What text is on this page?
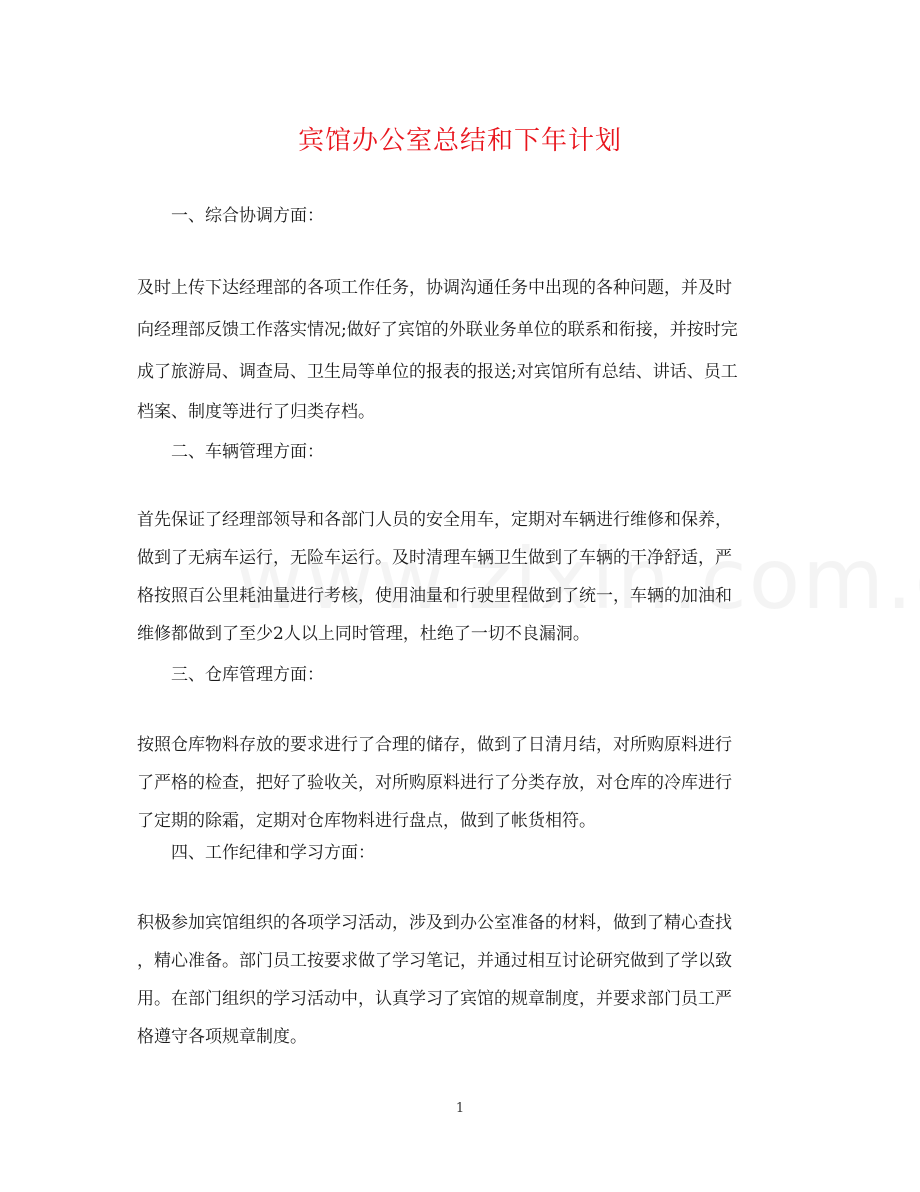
宾馆办公室总结和下年计划
一、综合协调方面：
及时上传下达经理部的各项工作任务，协调沟通任务中出现的各种问题，并及时
向经理部反馈工作落实情况;做好了宾馆的外联业务单位的联系和衔接，并按时完
成了旅游局、调查局、卫生局等单位的报表的报送;对宾馆所有总结、讲话、员工
档案、制度等进行了归类存档。
二、车辆管理方面：
首先保证了经理部领导和各部门人员的安全用车，定期对车辆进行维修和保养，
做到了无病车运行，无险车运行。及时清理车辆卫生做到了车辆的干净舒适，严
格按照百公里耗油量进行考核，使用油量和行驶里程做到了统一，车辆的加油和
维修都做到了至少2人以上同时管理，杜绝了一切不良漏洞。
三、仓库管理方面：
按照仓库物料存放的要求进行了合理的储存，做到了日清月结，对所购原料进行
了严格的检查，把好了验收关，对所购原料进行了分类存放，对仓库的冷库进行
了定期的除霜，定期对仓库物料进行盘点，做到了帐货相符。
四、工作纪律和学习方面：
积极参加宾馆组织的各项学习活动，涉及到办公室准备的材料，做到了精心查找
，精心准备。部门员工按要求做了学习笔记，并通过相互讨论研究做到了学以致
用。在部门组织的学习活动中，认真学习了宾馆的规章制度，并要求部门员工严
格遵守各项规章制度。
1
